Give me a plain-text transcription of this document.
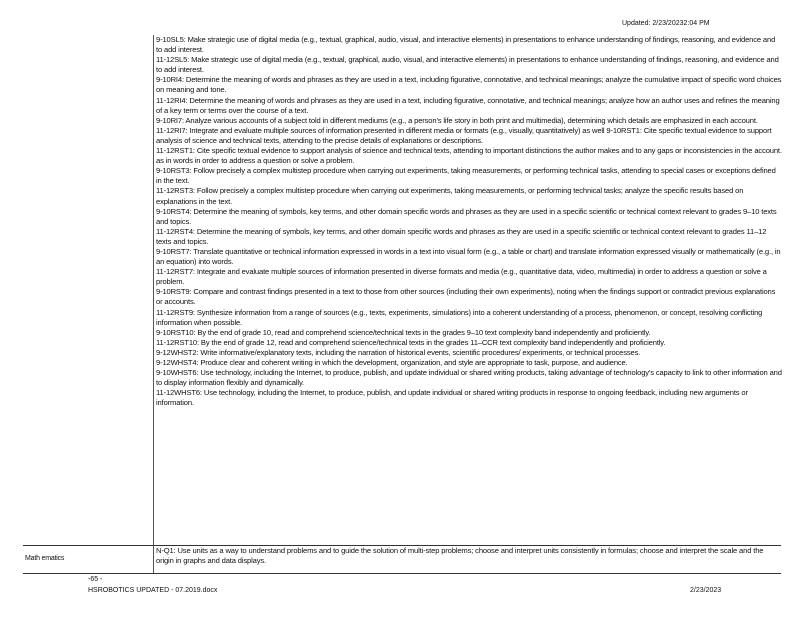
Updated: 2/23/20232:04 PM

9-10SL5: Make strategic use of digital media (e.g., textual, graphical, audio, visual, and interactive elements) in presentations to enhance understanding of findings, reasoning, and evidence and to add interest.

11-12SL5: Make strategic use of digital media (e.g., textual, graphical, audio, visual, and interactive elements) in presentations to enhance understanding of findings, reasoning, and evidence and to add interest.

9-10RI4: Determine the meaning of words and phrases as they are used in a text, including figurative, connotative, and technical meanings; analyze the cumulative impact of specific word choices on meaning and tone.

11-12RI4: Determine the meaning of words and phrases as they are used in a text, including figurative, connotative, and technical meanings; analyze how an author uses and refines the meaning of a key term or terms over the course of a text.

9-10RI7: Analyze various accounts of a subject told in different mediums (e.g., a person's life story in both print and multimedia), determining which details are emphasized in each account.

11-12RI7: Integrate and evaluate multiple sources of information presented in different media or formats (e.g., visually, quantitatively) as well 9-10RST1: Cite specific textual evidence to support analysis of science and technical texts, attending to the precise details of explanations or descriptions.

11-12RST1: Cite specific textual evidence to support analysis of science and technical texts, attending to important distinctions the author makes and to any gaps or inconsistencies in the account.

as in words in order to address a question or solve a problem.

9-10RST3: Follow precisely a complex multistep procedure when carrying out experiments, taking measurements, or performing technical tasks, attending to special cases or exceptions defined in the text.

11-12RST3: Follow precisely a complex multistep procedure when carrying out experiments, taking measurements, or performing technical tasks; analyze the specific results based on explanations in the text.

9-10RST4: Determine the meaning of symbols, key terms, and other domain specific words and phrases as they are used in a specific scientific or technical context relevant to grades 9–10 texts and topics.

11-12RST4: Determine the meaning of symbols, key terms, and other domain specific words and phrases as they are used in a specific scientific or technical context relevant to grades 11–12 texts and topics.

9-10RST7: Translate quantitative or technical information expressed in words in a text into visual form (e.g., a table or chart) and translate information expressed visually or mathematically (e.g., in an equation) into words.

11-12RST7: Integrate and evaluate multiple sources of information presented in diverse formats and media (e.g., quantitative data, video, multimedia) in order to address a question or solve a problem.

9-10RST9: Compare and contrast findings presented in a text to those from other sources (including their own experiments), noting when the findings support or contradict previous explanations or accounts.

11-12RST9: Synthesize information from a range of sources (e.g., texts, experiments, simulations) into a coherent understanding of a process, phenomenon, or concept, resolving conflicting information when possible.

9-10RST10: By the end of grade 10, read and comprehend science/technical texts in the grades 9–10 text complexity band independently and proficiently.

11-12RST10: By the end of grade 12, read and comprehend science/technical texts in the grades 11–CCR text complexity band independently and proficiently.

9-12WHST2: Write informative/explanatory texts, including the narration of historical events, scientific procedures/ experiments, or technical processes.

9-12WHST4: Produce clear and coherent writing in which the development, organization, and style are appropriate to task, purpose, and audience.

9-10WHST6: Use technology, including the Internet, to produce, publish, and update individual or shared writing products, taking advantage of technology's capacity to link to other information and to display information flexibly and dynamically.

11-12WHST6: Use technology, including the Internet, to produce, publish, and update individual or shared writing products in response to ongoing feedback, including new arguments or information.

Math ematics

N-Q1: Use units as a way to understand problems and to guide the solution of multi-step problems; choose and interpret units consistently in formulas; choose and interpret the scale and the origin in graphs and data displays.

-65 -
HSROBOTICS UPDATED - 07.2019.docx	2/23/2023
